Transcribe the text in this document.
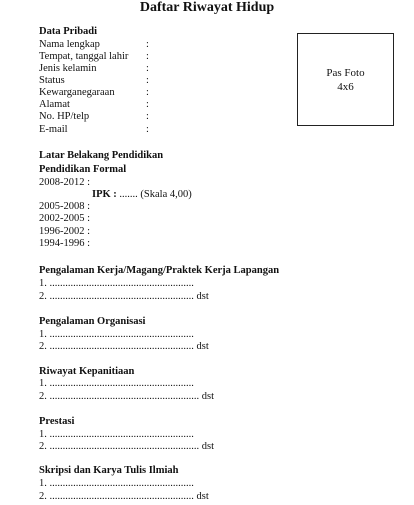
Daftar Riwayat Hidup
Data Pribadi
Nama lengkap	:
Tempat, tanggal lahir :
Jenis kelamin	:
Status	:
Kewarganegaraan	:
Alamat	:
No. HP/telp	:
E-mail	:
Pas Foto
4x6
Latar Belakang Pendidikan
Pendidikan Formal
2008-2012 :
IPK : ....... (Skala 4,00)
2005-2008 :
2002-2005 :
1996-2002 :
1994-1996 :
Pengalaman Kerja/Magang/Praktek Kerja Lapangan
1. .......................................................
2. ....................................................... dst
Pengalaman Organisasi
1. .......................................................
2. ....................................................... dst
Riwayat Kepanitiaan
1. .......................................................
2. ......................................................... dst
Prestasi
1. .......................................................
2. ......................................................... dst
Skripsi dan Karya Tulis Ilmiah
1. .......................................................
2. ....................................................... dst
